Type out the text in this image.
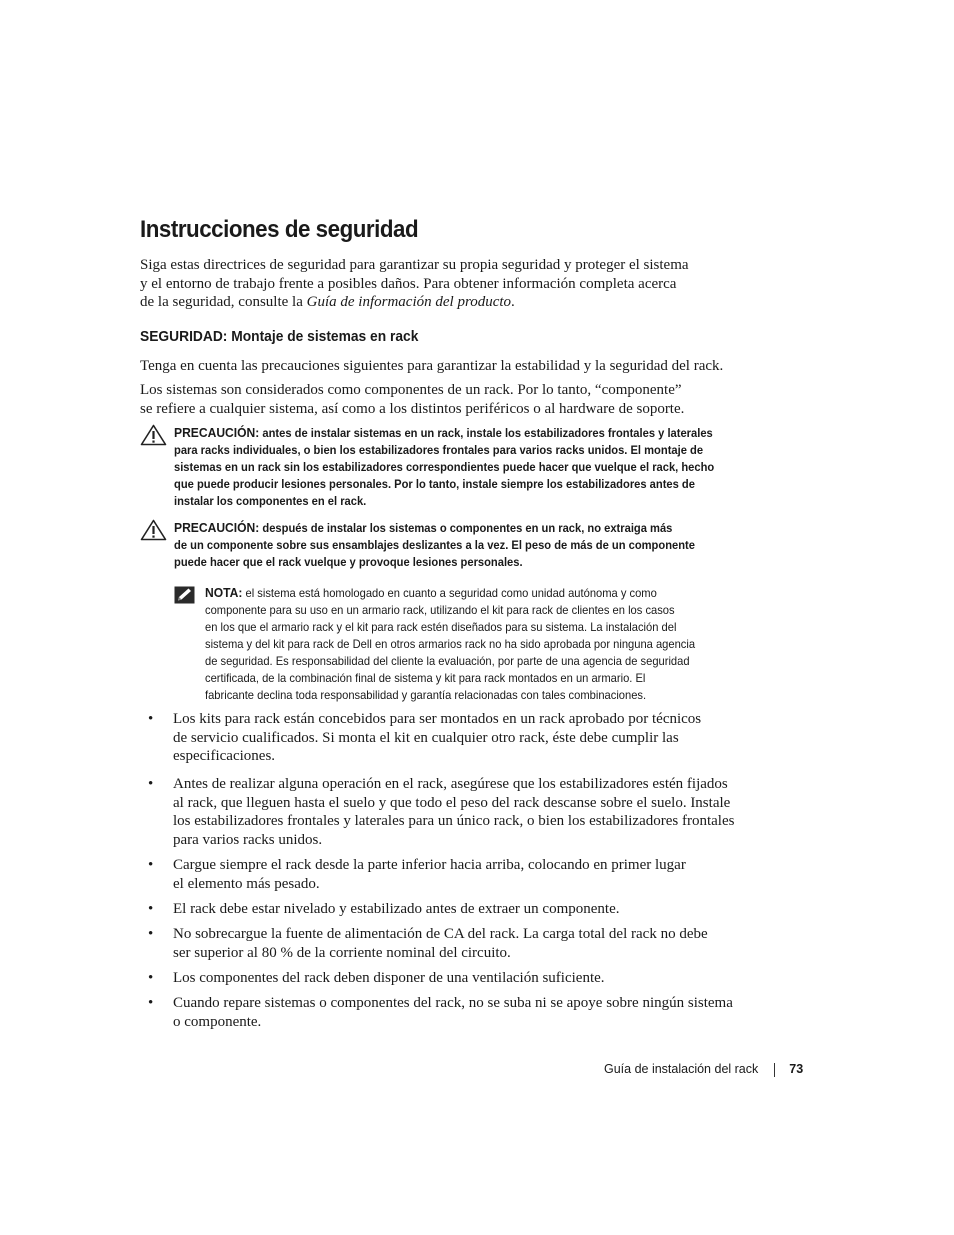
Instrucciones de seguridad
Siga estas directrices de seguridad para garantizar su propia seguridad y proteger el sistema
y el entorno de trabajo frente a posibles daños. Para obtener información completa acerca
de la seguridad, consulte la Guía de información del producto.
SEGURIDAD: Montaje de sistemas en rack
Tenga en cuenta las precauciones siguientes para garantizar la estabilidad y la seguridad del rack.
Los sistemas son considerados como componentes de un rack. Por lo tanto, “componente”
se refiere a cualquier sistema, así como a los distintos periféricos o al hardware de soporte.
PRECAUCIÓN: antes de instalar sistemas en un rack, instale los estabilizadores frontales y laterales
para racks individuales, o bien los estabilizadores frontales para varios racks unidos. El montaje de
sistemas en un rack sin los estabilizadores correspondientes puede hacer que vuelque el rack, hecho
que puede producir lesiones personales. Por lo tanto, instale siempre los estabilizadores antes de
instalar los componentes en el rack.
PRECAUCIÓN: después de instalar los sistemas o componentes en un rack, no extraiga más
de un componente sobre sus ensamblajes deslizantes a la vez. El peso de más de un componente
puede hacer que el rack vuelque y provoque lesiones personales.
NOTA: el sistema está homologado en cuanto a seguridad como unidad autónoma y como
componente para su uso en un armario rack, utilizando el kit para rack de clientes en los casos
en los que el armario rack y el kit para rack estén diseñados para su sistema. La instalación del
sistema y del kit para rack de Dell en otros armarios rack no ha sido aprobada por ninguna agencia
de seguridad. Es responsabilidad del cliente la evaluación, por parte de una agencia de seguridad
certificada, de la combinación final de sistema y kit para rack montados en un armario. El
fabricante declina toda responsabilidad y garantía relacionadas con tales combinaciones.
• Los kits para rack están concebidos para ser montados en un rack aprobado por técnicos
de servicio cualificados. Si monta el kit en cualquier otro rack, éste debe cumplir las
especificaciones.
• Antes de realizar alguna operación en el rack, asegúrese que los estabilizadores estén fijados
al rack, que lleguen hasta el suelo y que todo el peso del rack descanse sobre el suelo. Instale
los estabilizadores frontales y laterales para un único rack, o bien los estabilizadores frontales
para varios racks unidos.
• Cargue siempre el rack desde la parte inferior hacia arriba, colocando en primer lugar
el elemento más pesado.
• El rack debe estar nivelado y estabilizado antes de extraer un componente.
• No sobrecargue la fuente de alimentación de CA del rack. La carga total del rack no debe
ser superior al 80 % de la corriente nominal del circuito.
• Los componentes del rack deben disponer de una ventilación suficiente.
• Cuando repare sistemas o componentes del rack, no se suba ni se apoye sobre ningún sistema
o componente.
Guía de instalación del rack 73
